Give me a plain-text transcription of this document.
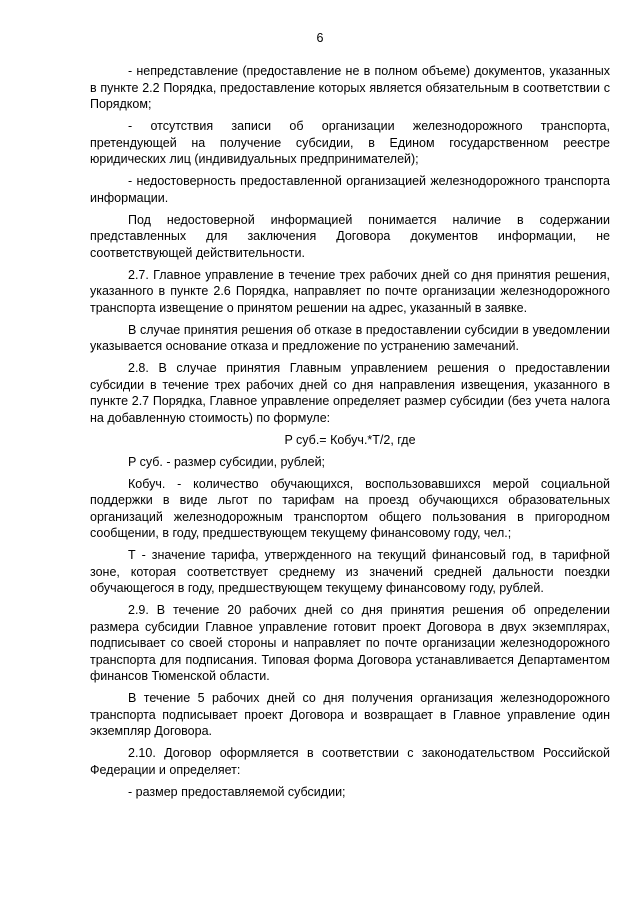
6

- непредставление (предоставление не в полном объеме) документов, указанных в пункте 2.2 Порядка, предоставление которых является обязательным в соответствии с Порядком;

- отсутствия записи об организации железнодорожного транспорта, претендующей на получение субсидии, в Едином государственном реестре юридических лиц (индивидуальных предпринимателей);

- недостоверность предоставленной организацией железнодорожного транспорта информации.

Под недостоверной информацией понимается наличие в содержании представленных для заключения Договора документов информации, не соответствующей действительности.

2.7. Главное управление в течение трех рабочих дней со дня принятия решения, указанного в пункте 2.6 Порядка, направляет по почте организации железнодорожного транспорта извещение о принятом решении на адрес, указанный в заявке.

В случае принятия решения об отказе в предоставлении субсидии в уведомлении указывается основание отказа и предложение по устранению замечаний.

2.8. В случае принятия Главным управлением решения о предоставлении субсидии в течение трех рабочих дней со дня направления извещения, указанного в пункте 2.7 Порядка, Главное управление определяет размер субсидии (без учета налога на добавленную стоимость) по формуле:

P суб.= Кобуч.*Т/2, где

P суб. - размер субсидии, рублей;

Кобуч. - количество обучающихся, воспользовавшихся мерой социальной поддержки в виде льгот по тарифам на проезд обучающихся образовательных организаций железнодорожным транспортом общего пользования в пригородном сообщении, в году, предшествующем текущему финансовому году, чел.;

Т - значение тарифа, утвержденного на текущий финансовый год, в тарифной зоне, которая соответствует среднему из значений средней дальности поездки обучающегося в году, предшествующем текущему финансовому году, рублей.

2.9. В течение 20 рабочих дней со дня принятия решения об определении размера субсидии Главное управление готовит проект Договора в двух экземплярах, подписывает со своей стороны и направляет по почте организации железнодорожного транспорта для подписания. Типовая форма Договора устанавливается Департаментом финансов Тюменской области.

В течение 5 рабочих дней со дня получения организация железнодорожного транспорта подписывает проект Договора и возвращает в Главное управление один экземпляр Договора.

2.10. Договор оформляется в соответствии с законодательством Российской Федерации и определяет:

- размер предоставляемой субсидии;
